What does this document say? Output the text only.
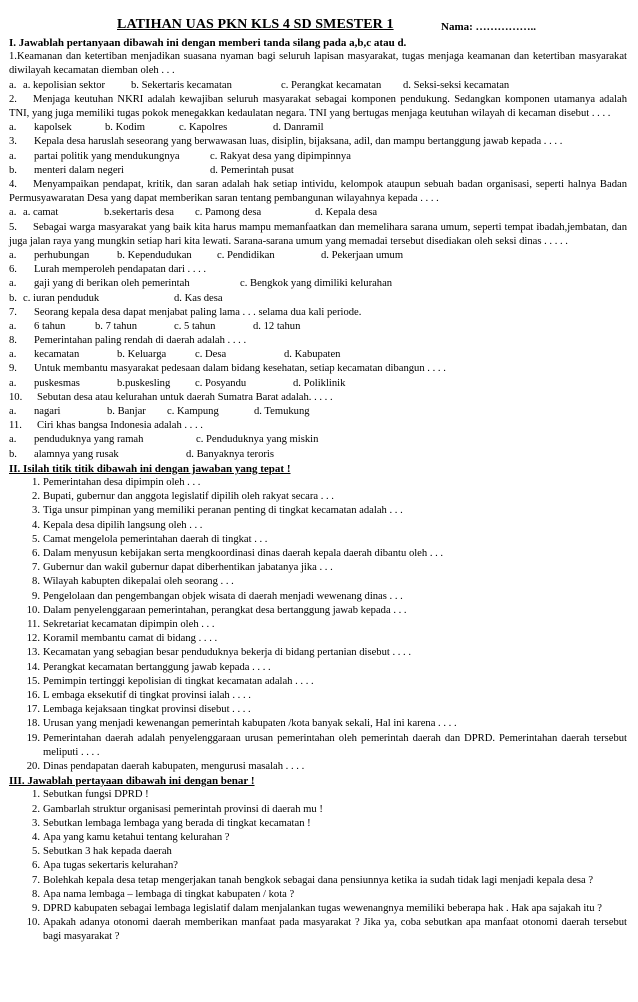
LATIHAN UAS PKN KLS 4 SD SMESTER 1	Nama: ……………..
I. Jawablah pertanyaan dibawah ini dengan memberi tanda silang pada a,b,c atau d.
1.Keamanan dan ketertiban menjadikan suasana nyaman bagi seluruh lapisan masyarakat, tugas menjaga keamanan dan ketertiban masyarakat diwilayah kecamatan diemban oleh . . .
a. a. kepolisian sektor b. Sekertaris kecamatan	c. Perangkat kecamatan d. Seksi-seksi kecamatan
2.	Menjaga keutuhan NKRI adalah kewajiban seluruh masyarakat sebagai komponen pendukung. Sedangkan komponen utamanya adalah TNI, yang juga memiliki tugas pokok menegakkan kedaulatan negara. TNI yang bertugas menjaga keutuhan wilayah di kecaman disebut . . . .
a. kapolsek	b. Kodim	c. Kapolres	d. Danramil
3. Kepala desa haruslah seseorang yang berwawasan luas, disiplin, bijaksana, adil, dan mampu bertanggung jawab kepada . . . .
a. partai politik yang mendukungnya	c. Rakyat desa yang dipimpinnya
b. menteri dalam negeri	d. Pemerintah pusat
4.	Menyampaikan pendapat, kritik, dan saran adalah hak setiap intividu, kelompok ataupun sebuah badan organisasi, seperti halnya Badan Permusyawaratan Desa yang dapat memberikan saran tentang pembangunan wilayahnya kepada . . . .
a. a. camat	b.sekertaris desa c. Pamong desa	d. Kepala desa
5.	Sebagai warga masyarakat yang baik kita harus mampu memanfaatkan dan memelihara sarana umum, seperti tempat ibadah,jembatan, dan juga jalan raya yang mungkin setiap hari kita lewati. Sarana-sarana umum yang memadai tersebut disediakan oleh seksi dinas . . . . .
a. perhubungan	b. Kependudukan c. Pendidikan	d. Pekerjaan umum
6. Lurah memperoleh pendapatan dari . . . .
a. gaji yang di berikan oleh pemerintah	c. Bengkok yang dimiliki kelurahan
b. c. iuran penduduk	d. Kas desa
7. Seorang kepala desa dapat menjabat paling lama . . . selama dua kali periode.
a. 6 tahun	b. 7 tahun	c. 5 tahun	d. 12 tahun
8. Pemerintahan paling rendah di daerah adalah . . . .
a. kecamatan	b. Keluarga	c. Desa	d. Kabupaten
9. Untuk membantu masyarakat pedesaan dalam bidang kesehatan, setiap kecamatan dibangun . . . .
a. puskesmas	b.puskesling c. Posyandu	d. Poliklinik
10. Sebutan desa atau kelurahan untuk daerah Sumatra Barat adalah. . . . .
a. nagari	b. Banjar c. Kampung	d. Temukung
11. Ciri khas bangsa Indonesia adalah . . . .
a. penduduknya yang ramah	c. Penduduknya yang miskin
b. alamnya yang rusak	d. Banyaknya teroris
II. Isilah titik titik dibawah ini dengan jawaban yang tepat !
1. Pemerintahan desa dipimpin oleh . . .
2. Bupati, gubernur dan anggota legislatif dipilih oleh rakyat secara . . .
3. Tiga unsur pimpinan yang memiliki peranan penting di tingkat kecamatan adalah . . .
4. Kepala desa dipilih langsung oleh . . .
5. Camat mengelola pemerintahan daerah di tingkat . . .
6. Dalam menyusun kebijakan serta mengkoordinasi dinas daerah kepala daerah dibantu oleh . . .
7. Gubernur dan wakil gubernur dapat diberhentikan jabatanya jika . . .
8. Wilayah kabupten dikepalai oleh seorang . . .
9. Pengelolaan dan pengembangan objek wisata di daerah menjadi wewenang dinas . . .
10. Dalam penyelenggaraan pemerintahan, perangkat desa bertanggung jawab kepada . . .
11. Sekretariat kecamatan dipimpin oleh . . .
12. Koramil membantu camat di bidang . . . .
13. Kecamatan yang sebagian besar penduduknya bekerja di bidang pertanian disebut . . . .
14. Perangkat kecamatan bertanggung jawab kepada . . . .
15. Pemimpin tertinggi kepolisian di tingkat kecamatan adalah . . . .
16. L embaga eksekutif di tingkat provinsi ialah . . . .
17. Lembaga kejaksaan tingkat provinsi disebut . . . .
18. Urusan yang menjadi kewenangan pemerintah kabupaten /kota banyak sekali, Hal ini karena . . . .
19. Pemerintahan daerah adalah penyelenggaraan urusan pemerintahan oleh pemerintah daerah dan DPRD. Pemerintahan daerah tersebut meliputi . . . .
20. Dinas pendapatan daerah kabupaten, mengurusi masalah . . . .
III. Jawablah pertayaan dibawah ini dengan benar !
1. Sebutkan fungsi DPRD !
2. Gambarlah struktur organisasi pemerintah provinsi di daerah mu !
3. Sebutkan lembaga lembaga yang berada di tingkat kecamatan !
4. Apa yang kamu ketahui tentang kelurahan ?
5. Sebutkan 3 hak kepada daerah
6. Apa tugas sekertaris kelurahan?
7. Bolehkah kepala desa tetap mengerjakan tanah bengkok sebagai dana pensiunnya ketika ia sudah tidak lagi menjadi kepala desa ?
8. Apa nama lembaga – lembaga di tingkat kabupaten / kota ?
9. DPRD kabupaten sebagai lembaga legislatif dalam menjalankan tugas wewenangnya memiliki beberapa hak . Hak apa sajakah itu ?
10. Apakah adanya otonomi daerah memberikan manfaat pada masyarakat ? Jika ya, coba sebutkan apa manfaat otonomi daerah tersebut bagi masyarakat ?
